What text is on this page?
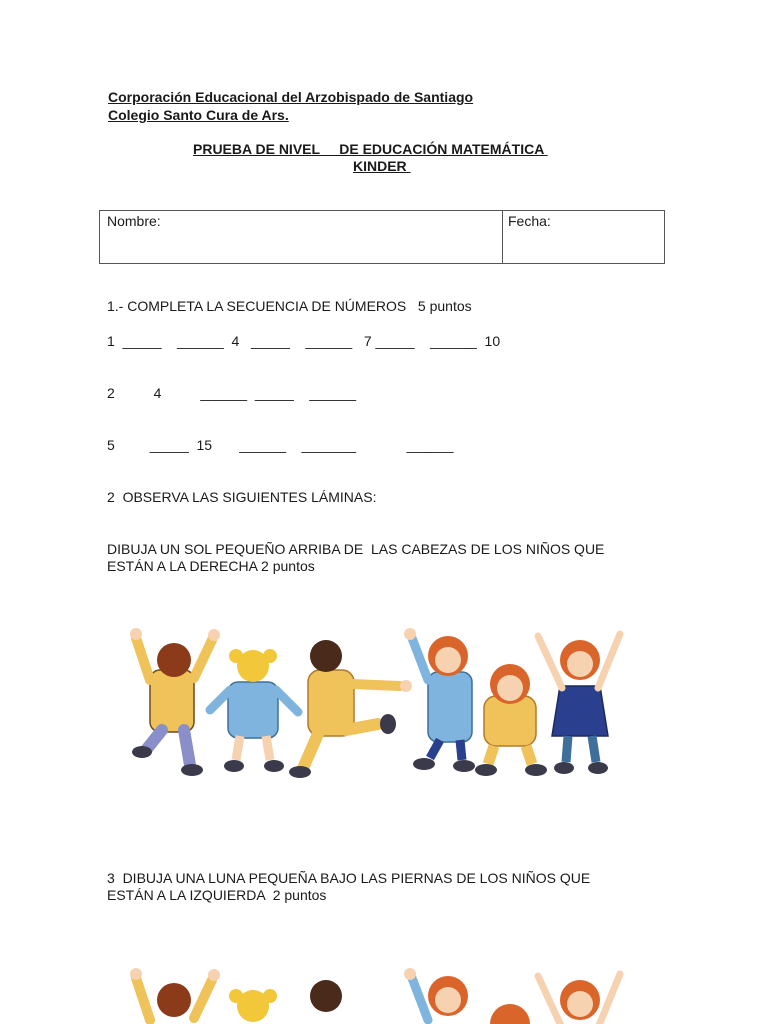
Corporación Educacional del Arzobispado de Santiago
Colegio Santo Cura de Ars.
PRUEBA DE NIVEL     DE EDUCACIÓN MATEMÁTICA
KINDER
Nombre:	Fecha:
1.- COMPLETA LA SECUENCIA DE NÚMEROS   5 puntos
1  _____    ______  4   _____    ______   7 _____    ______  10
2          4          ______  _____    ______
5         _____  15       ______    _______             ______
2  OBSERVA LAS SIGUIENTES LÁMINAS:
DIBUJA UN SOL PEQUEÑO ARRIBA DE  LAS CABEZAS DE LOS NIÑOS QUE
ESTÁN A LA DERECHA 2 puntos
3  DIBUJA UNA LUNA PEQUEÑA BAJO LAS PIERNAS DE LOS NIÑOS QUE
ESTÁN A LA IZQUIERDA  2 puntos
